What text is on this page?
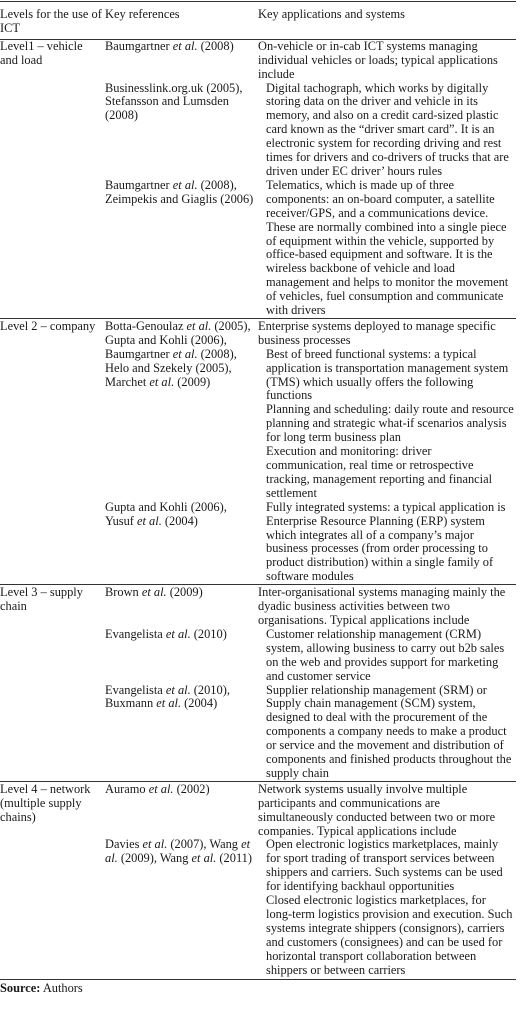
Levels for the use of ICT	Key references	Key applications and systems
Level1 – vehicle and load	Baumgartner et al. (2008)	On-vehicle or in-cab ICT systems managing individual vehicles or loads; typical applications include

	Businesslink.org.uk (2005), Stefansson and Lumsden (2008)	Digital tachograph, which works by digitally storing data on the driver and vehicle in its memory, and also on a credit card-sized plastic card known as the “driver smart card”. It is an electronic system for recording driving and rest times for drivers and co-drivers of trucks that are driven under EC driver’ hours rules

	Baumgartner et al. (2008), Zeimpekis and Giaglis (2006)	Telematics, which is made up of three components: an on-board computer, a satellite receiver/GPS, and a communications device. These are normally combined into a single piece of equipment within the vehicle, supported by office-based equipment and software. It is the wireless backbone of vehicle and load management and helps to monitor the movement of vehicles, fuel consumption and communicate with drivers

Level 2 – company	Botta-Genoulaz et al. (2005), Gupta and Kohli (2006), Baumgartner et al. (2008), Helo and Szekely (2005), Marchet et al. (2009)	Enterprise systems deployed to manage specific business processes
Best of breed functional systems: a typical application is transportation management system (TMS) which usually offers the following functions
Planning and scheduling: daily route and resource planning and strategic what-if scenarios analysis for long term business plan
Execution and monitoring: driver communication, real time or retrospective tracking, management reporting and financial settlement

	Gupta and Kohli (2006), Yusuf et al. (2004)	Fully integrated systems: a typical application is Enterprise Resource Planning (ERP) system which integrates all of a company’s major business processes (from order processing to product distribution) within a single family of software modules

Level 3 – supply chain	Brown et al. (2009)	Inter-organisational systems managing mainly the dyadic business activities between two organisations. Typical applications include

	Evangelista et al. (2010)	Customer relationship management (CRM) system, allowing business to carry out b2b sales on the web and provides support for marketing and customer service

	Evangelista et al. (2010), Buxmann et al. (2004)	Supplier relationship management (SRM) or Supply chain management (SCM) system, designed to deal with the procurement of the components a company needs to make a product or service and the movement and distribution of components and finished products throughout the supply chain

Level 4 – network (multiple supply chains)	Auramo et al. (2002)	Network systems usually involve multiple participants and communications are simultaneously conducted between two or more companies. Typical applications include

	Davies et al. (2007), Wang et al. (2009), Wang et al. (2011)	Open electronic logistics marketplaces, mainly for sport trading of transport services between shippers and carriers. Such systems can be used for identifying backhaul opportunities
Closed electronic logistics marketplaces, for long-term logistics provision and execution. Such systems integrate shippers (consignors), carriers and customers (consignees) and can be used for horizontal transport collaboration between shippers or between carriers
Source: Authors
